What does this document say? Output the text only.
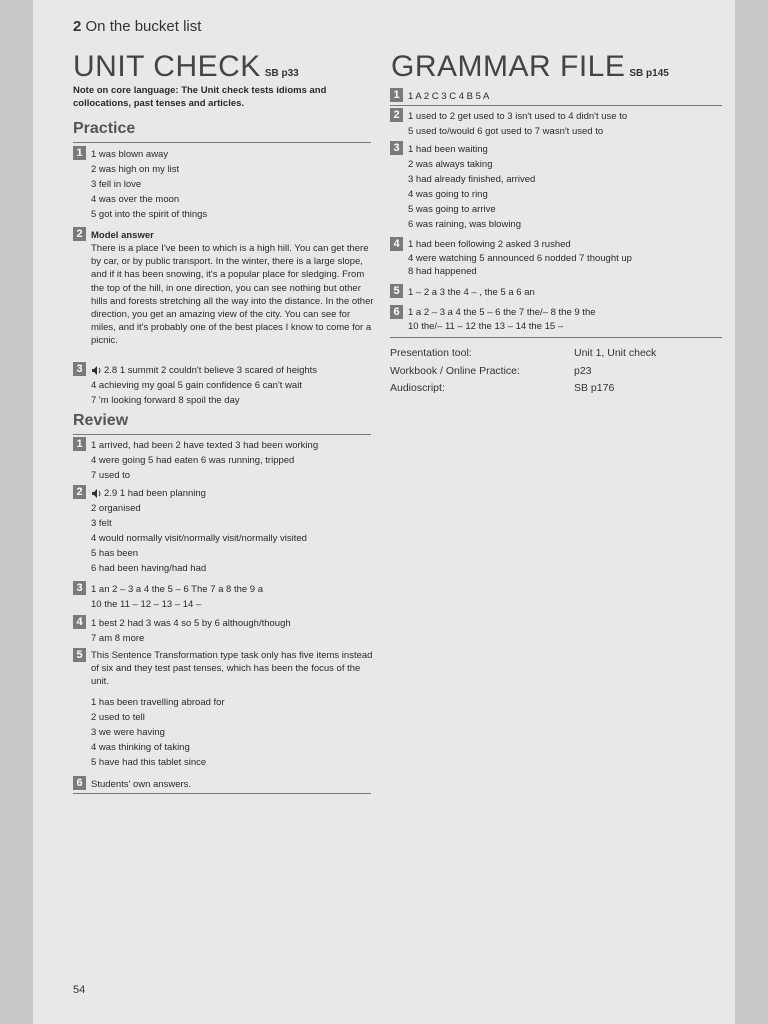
2 On the bucket list
UNIT CHECK SB p33
Note on core language: The Unit check tests idioms and collocations, past tenses and articles.
Practice
1 1 was blown away
2 was high on my list
3 fell in love
4 was over the moon
5 got into the spirit of things
2 Model answer
There is a place I've been to which is a high hill. You can get there by car, or by public transport. In the winter, there is a large slope, and if it has been snowing, it's a popular place for sledging. From the top of the hill, in one direction, you can see nothing but other hills and forests stretching all the way into the distance. In the other direction, you get an amazing view of the city. You can see for miles, and it's probably one of the best places I know to come for a picnic.
3	2.8 1 summit 2 couldn't believe 3 scared of heights
4 achieving my goal 5 gain confidence 6 can't wait
7 'm looking forward 8 spoil the day
Review
1 1 arrived, had been 2 have texted 3 had been working
4 were going 5 had eaten 6 was running, tripped
7 used to
2	2.9 1 had been planning
2 organised
3 felt
4 would normally visit/normally visit/normally visited
5 has been
6 had been having/had had
3 1 an 2 – 3 a 4 the 5 – 6 The 7 a 8 the 9 a
10 the 11 – 12 – 13 – 14 –
4 1 best 2 had 3 was 4 so 5 by 6 although/though
7 am 8 more
5 This Sentence Transformation type task only has five items instead of six and they test past tenses, which has been the focus of the unit.
1 has been travelling abroad for
2 used to tell
3 we were having
4 was thinking of taking
5 have had this tablet since
6 Students' own answers.
GRAMMAR FILE SB p145
1 1 A 2 C 3 C 4 B 5 A
2 1 used to 2 get used to 3 isn't used to 4 didn't use to
5 used to/would 6 got used to 7 wasn't used to
3 1 had been waiting
2 was always taking
3 had already finished, arrived
4 was going to ring
5 was going to arrive
6 was raining, was blowing
4 1 had been following 2 asked 3 rushed
4 were watching 5 announced 6 nodded 7 thought up
8 had happened
5 1 – 2 a 3 the 4 – , the 5 a 6 an
6 1 a 2 – 3 a 4 the 5 – 6 the 7 the/– 8 the 9 the
10 the/– 11 – 12 the 13 – 14 the 15 –
Presentation tool:
Workbook / Online Practice:
Audioscript:
Unit 1, Unit check
p23
SB p176
54
